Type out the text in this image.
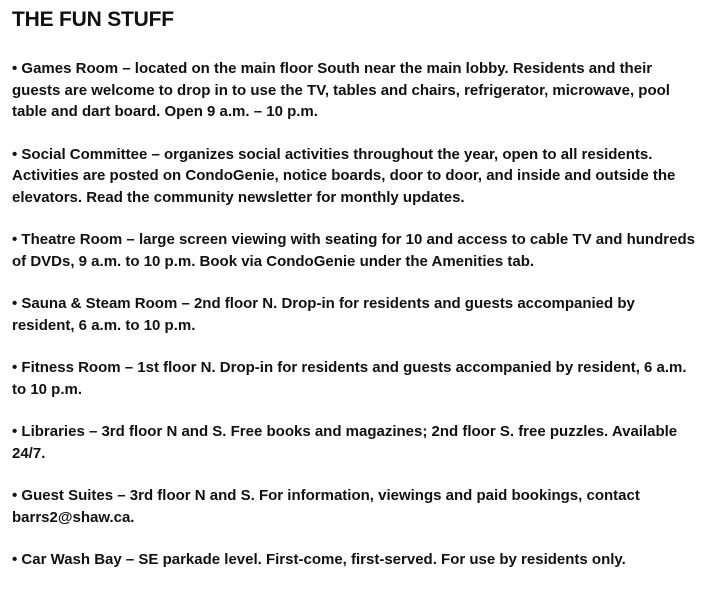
THE FUN STUFF
• Games Room – located on the main floor South near the main lobby. Residents and their guests are welcome to drop in to use the TV, tables and chairs, refrigerator, microwave, pool table and dart board. Open 9 a.m. – 10 p.m.
• Social Committee – organizes social activities throughout the year, open to all residents. Activities are posted on CondoGenie, notice boards, door to door, and inside and outside the elevators. Read the community newsletter for monthly updates.
• Theatre Room – large screen viewing with seating for 10 and access to cable TV and hundreds of DVDs, 9 a.m. to 10 p.m. Book via CondoGenie under the Amenities tab.
• Sauna & Steam Room – 2nd floor N. Drop-in for residents and guests accompanied by resident, 6 a.m. to 10 p.m.
• Fitness Room – 1st floor N. Drop-in for residents and guests accompanied by resident, 6 a.m. to 10 p.m.
• Libraries – 3rd floor N and S. Free books and magazines; 2nd floor S. free puzzles. Available 24/7.
• Guest Suites – 3rd floor N and S. For information, viewings and paid bookings, contact barrs2@shaw.ca.
• Car Wash Bay – SE parkade level. First-come, first-served. For use by residents only.
